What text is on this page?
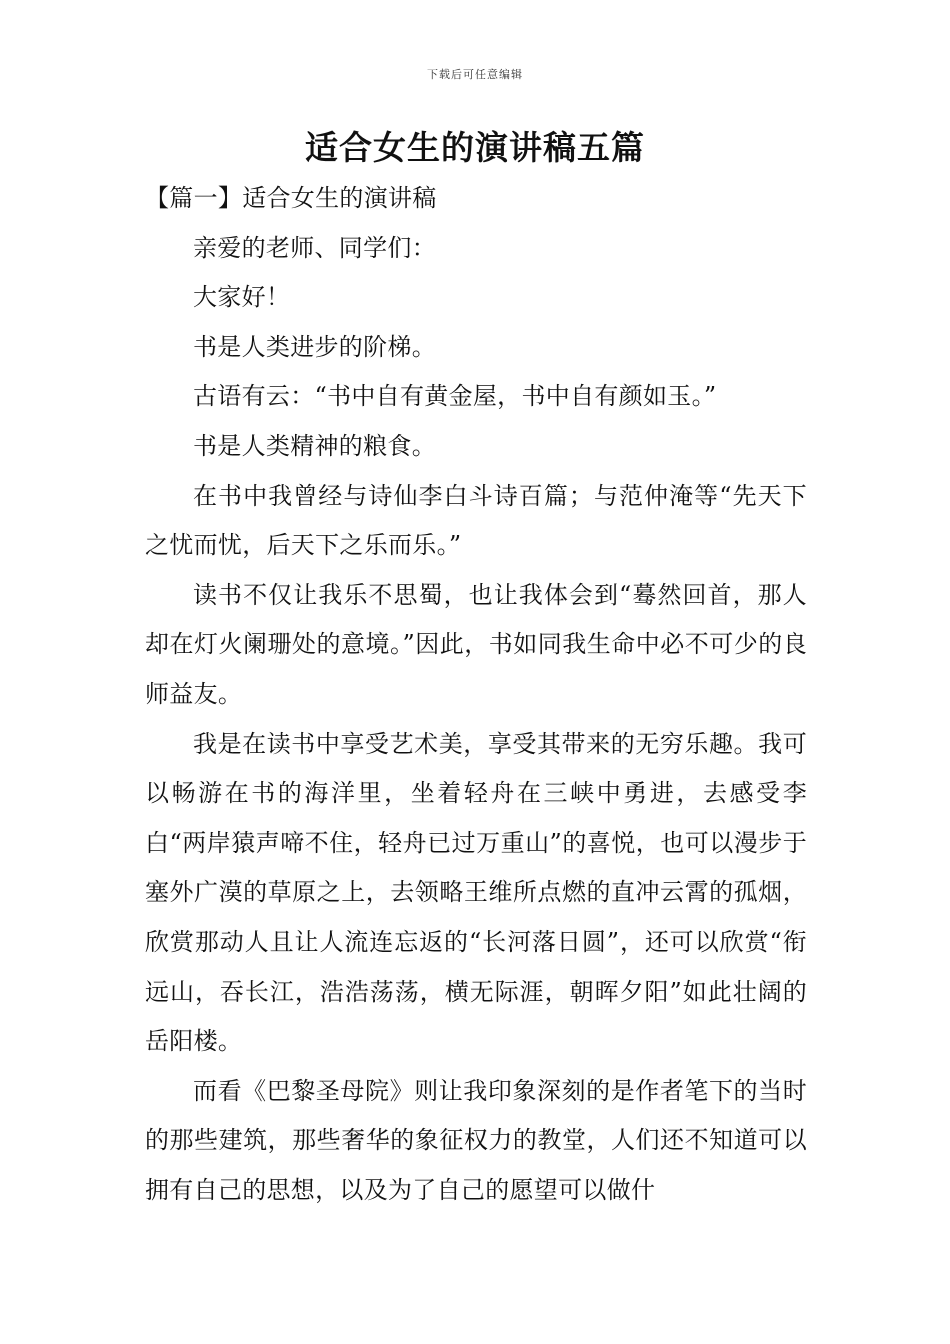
下载后可任意编辑
适合女生的演讲稿五篇

【篇一】适合女生的演讲稿

亲爱的老师、同学们：

大家好！

书是人类进步的阶梯。

古语有云：“书中自有黄金屋，书中自有颜如玉。”

书是人类精神的粮食。

在书中我曾经与诗仙李白斗诗百篇；与范仲淹等“先天下之忧而忧，后天下之乐而乐。”

读书不仅让我乐不思蜀，也让我体会到“蓦然回首，那人却在灯火阑珊处的意境。”因此，书如同我生命中必不可少的良师益友。

我是在读书中享受艺术美，享受其带来的无穷乐趣。我可以畅游在书的海洋里，坐着轻舟在三峡中勇进，去感受李白“两岸猿声啼不住，轻舟已过万重山”的喜悦，也可以漫步于塞外广漠的草原之上，去领略王维所点燃的直冲云霄的孤烟，欣赏那动人且让人流连忘返的“长河落日圆”，还可以欣赏“衔远山，吞长江，浩浩荡荡，横无际涯，朝晖夕阳”如此壮阔的岳阳楼。

而看《巴黎圣母院》则让我印象深刻的是作者笔下的当时的那些建筑，那些奢华的象征权力的教堂，人们还不知道可以拥有自己的思想，以及为了自己的愿望可以做什
